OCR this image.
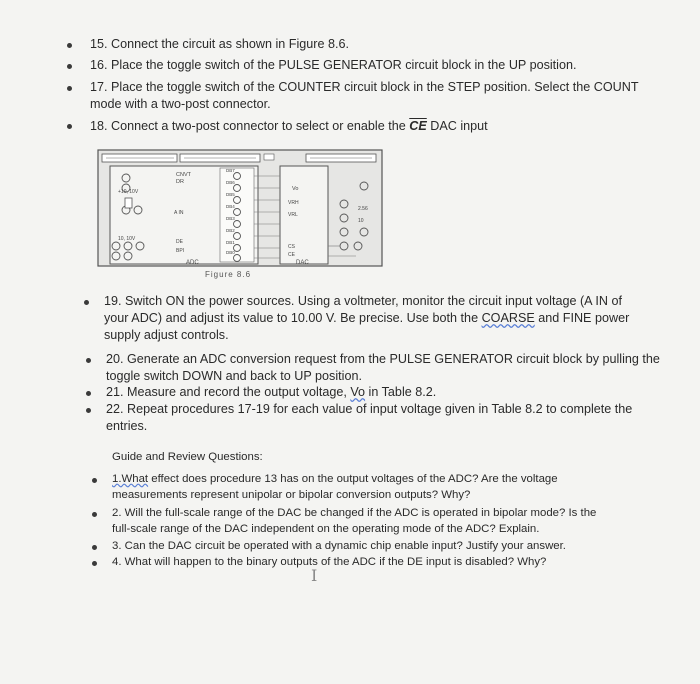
15. Connect the circuit as shown in Figure 8.6.
16. Place the toggle switch of the PULSE GENERATOR circuit block in the UP position.
17. Place the toggle switch of the COUNTER circuit block in the STEP position. Select the COUNT
mode with a two-post connector.
18. Connect a two-post connector to select or enable the $\overline{CE}$ DAC input
CNVT
DR
+10, 10V
A IN
10, 10V	DE
BPI
ADC	DAC
Vo
VRH
VRL
2.56
10
CS
CE
DB7
DB6
DB5
DB4
DB3
DB2
DB1
DB0
Figure 8.6
19. Switch ON the power sources. Using a voltmeter, monitor the circuit input voltage (A IN of
your ADC) and adjust its value to 10.00 V. Be precise. Use both the COARSE and FINE power
supply adjust controls.
20. Generate an ADC conversion request from the PULSE GENERATOR circuit block by pulling the
toggle switch DOWN and back to UP position.
21. Measure and record the output voltage, Vo in Table 8.2.
22. Repeat procedures 17-19 for each value of input voltage given in Table 8.2 to complete the
entries.
Guide and Review Questions:
1.What effect does procedure 13 has on the output voltages of the ADC? Are the voltage
measurements represent unipolar or bipolar conversion outputs? Why?
2. Will the full-scale range of the DAC be changed if the ADC is operated in bipolar mode? Is the
full-scale range of the DAC independent on the operating mode of the ADC? Explain.
3. Can the DAC circuit be operated with a dynamic chip enable input? Justify your answer.
4. What will happen to the binary outputs of the ADC if the DE input is disabled? Why?
I
